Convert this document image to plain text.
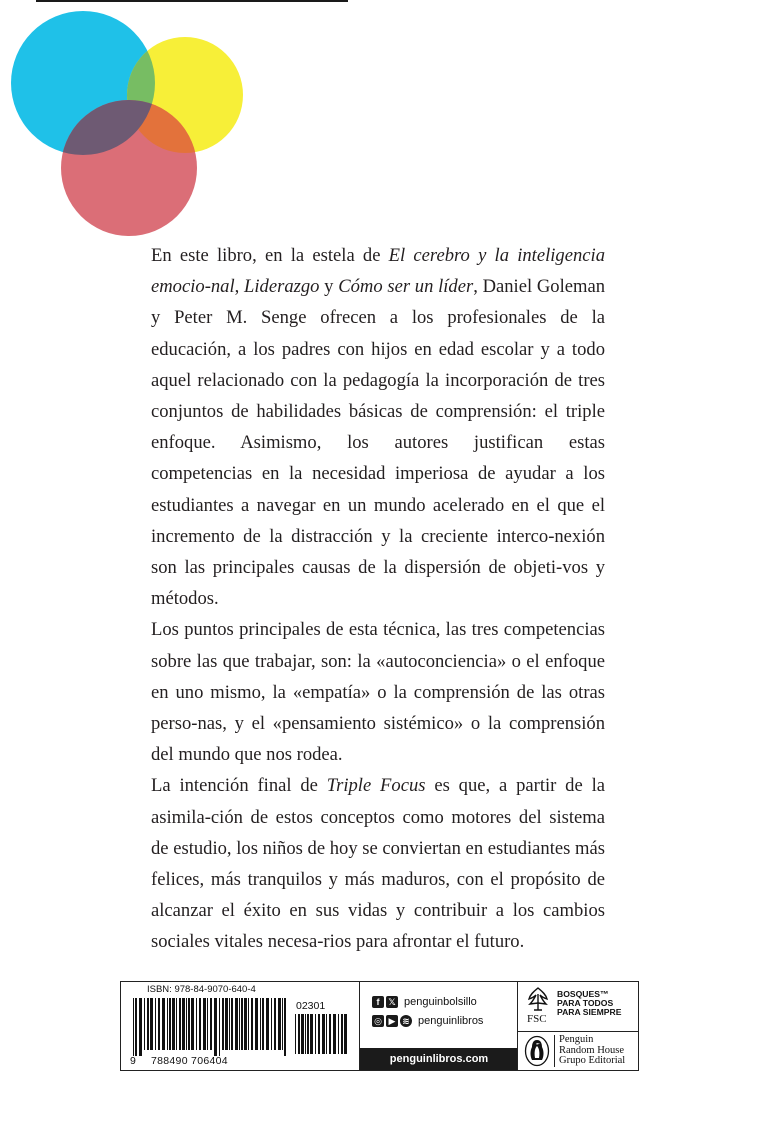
En este libro, en la estela de El cerebro y la inteligencia emocio-nal, Liderazgo y Cómo ser un líder, Daniel Goleman y Peter M. Senge ofrecen a los profesionales de la educación, a los padres con hijos en edad escolar y a todo aquel relacionado con la pedagogía la incorporación de tres conjuntos de habilidades básicas de comprensión: el triple enfoque. Asimismo, los autores justifican estas competencias en la necesidad imperiosa de ayudar a los estudiantes a navegar en un mundo acelerado en el que el incremento de la distracción y la creciente interco-nexión son las principales causas de la dispersión de objeti-vos y métodos.

Los puntos principales de esta técnica, las tres competencias sobre las que trabajar, son: la «autoconciencia» o el enfoque en uno mismo, la «empatía» o la comprensión de las otras perso-nas, y el «pensamiento sistémico» o la comprensión del mundo que nos rodea.

La intención final de Triple Focus es que, a partir de la asimila-ción de estos conceptos como motores del sistema de estudio, los niños de hoy se conviertan en estudiantes más felices, más tranquilos y más maduros, con el propósito de alcanzar el éxito en sus vidas y contribuir a los cambios sociales vitales necesa-rios para afrontar el futuro.

ISBN: 978-84-9070-640-4
02301
9 788490 706404
f 𝕏 penguinbolsillo
◎ ▶ ≋ penguinlibros
penguinlibros.com
FSC
BOSQUES™
PARA TODOS
PARA SIEMPRE
Penguin
Random House
Grupo Editorial
